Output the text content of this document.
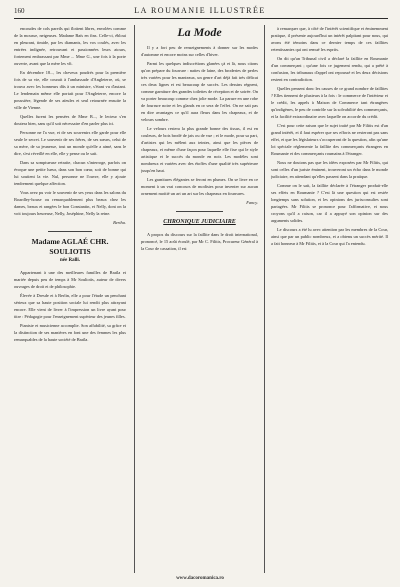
160	LA ROUMANIE ILLUSTRÉE

encoudes de cols pareils qui flottent libres, envolées comme de la mousse, neigeuses. Madame Baïs en fins. Celle-ci, ébloui en pleurant, timide, par les diamants, les vos coulés, avec les entrées indignée, retrouvant et passionnées leurs atours, fortement embrassant par Mme ... Mme G., une fois à la porte ouverte, avant que la mère les vît.

En décembre 18..., les cheveux poudrés pour la première fois de sa vie, elle courait à l'ambassade d'Angleterre, où, se trouva avec les honneurs dûs à un ministre, s'étant vu d'autant. Le lendemain même elle portait pour l'Angleterre, encore la poussière, légende de ses aïeules et seul retournée ensuite la ville de Vienne.

Quelles furent les pensées de Mme B..., le lecteur s'en doutera bien, sans qu'il soit nécessaire d'en parler plus ici.

Personne ne l'a vue, et de ses souvenirs elle garde pour elle seule le secret. Le souvenir de ses frêres, de ses sœurs, celui de sa mère, de sa jeunesse, tout un monde qu'elle a aimé, sans le dire, s'est réveillé en elle, elle y pense ou le sait.

Dans sa somptueuse retraite, chacun s'interroge, parfois on évoque une petite lueur, dans son bon cœur, soit de bonne qui lui soutient la vie. Nul, personne ne l'ouvre, elle y ajoute tendrement quelque affection.

Vous avez pu voir le souvenir de ses yeux dans les salons du Boardley-house ou remarquablement plus beaux chez les dames, beaux et rangées le bon Constantin, et Nelly, dont on la voit toujours heureuse, Nelly, Joséphine, Nelly la reine.

Bertha.
Madame AGLAÉ CHR. SOULIOTIS
née Ralli.

Appartenant à une des meilleures familles de Braïla et mariée depuis peu de temps à Mr Souliotis, auteur de divers ouvrages de droit et de philosophie.

Élevée à Dresde et à Berlin, elle a pour l'étude un penchant sérieux que sa haute position sociale lui rendit plus attrayant encore. Elle vient de livrer à l'impression un livre ayant pour titre : Pédagogie pour l'enseignement supérieur des jeunes filles.

Pianiste et musicienne accomplie. Son affabilité, sa grâce et la distinction de ses manières en font une des femmes les plus remarquables de la haute société de Braïla.

La Mode

Il y a fort peu de renseignements à donner sur les modes d'automne et encore moins sur celles d'hiver.

Parmi les quelques indiscrétions glanées çà et là, nous citons qu'on prépare du fourrure : nattes de laine, des broderies de perles très variées pour les manteaux, un genre d'art déjà fait très délicat ces deux lignes et est beaucoup de succès. Les dessins régnent, comme garniture des grandes toilettes de réception et de soirée. On va porter beaucoup comme chez jolie mode. La parure en une robe de fourrure noire et les glands en or sera de l'effet. On ne sait pas en dire avantages ce qu'il aura fleurs dans les chapeaux, et de velours sombre.

Le velours restera la plus grande bonne des tissus, il est en couleurs, de bois brodé de jais ou de vue ; et le mode, pour sa part, d'artistes qui les mêlent aux teintes, ainsi que les pièces de chapeaux, et même d'une façon pour laquelle elle fixe qui le style artistique et le succès du monde en noir. Les modèles sont nombreux et variées avec des étoffes d'une qualité très supérieure jusqu'en haut.

Les garnitures élégantes se feront en plumes. On se livre en ce moment à un vrai concours de modistes pour inventer sur aucun ornement moitié un art un art sur les chapeaux en fourrures.

Fancy.
CHRONIQUE JUDICIAIRE

A propos du discours sur la faillite dans le droit international, prononcé, le 15 août écoulé, par Mr C. Filitis, Procureur Général à la Cour de cassation, il est

à remarquer que, à côté de l'intérêt scientifique et éminemment pratique, il présente aujourd'hui un intérêt palpitant pour nous, qui avons été témoins dans ce dernier temps de ces faillites retentissantes qui ont remué les esprits.

On dit qu'un Tribunal civil a déclaré la faillite en Roumanie d'un commerçant ; qu'une fois ce jugement rendu, qui a prêté à confusion, les tribunaux d'appel ont repoussé et les deux décisions restent en contradiction.

Quelles pensent donc les causes de ce grand nombre de faillites ? Elles tiennent de plusieurs à la fois : le commerce de l'intérieur et le crédit, les appels à Maison de Commerce tant étrangères qu'indigènes, le peu de contrôle sur la solvabilité des commerçants, et la facilité extraordinaire avec laquelle on accorde du crédit.

C'est pour cette raison que le sujet traité par Mr Filitis est d'un grand intérêt, et il faut espérer que ses efforts ne resteront pas sans effet, et que les législateurs s'occuperont de la question, afin qu'une loi spéciale réglemente la faillite des commerçants étrangers en Roumanie et des commerçants roumains à l'étranger.

Nous ne doutons pas que les idées exposées par Mr Filitis, qui sont celles d'un juriste éminent, trouveront un écho dans le monde judiciaire, en attendant qu'elles passent dans la pratique.

Comme on le sait, la faillite déclarée à l'étranger produit-elle ses effets en Roumanie ? C'est là une question qui est restée longtemps sans solution, et les opinions des jurisconsultes sont partagées. Mr Filitis se prononce pour l'affirmative, et nous croyons qu'il a raison, car il a appuyé son opinion sur des arguments solides.

Le discours a été lu avec attention par les membres de la Cour, ainsi que par un public nombreux, et a obtenu un succès mérité. Il a fait honneur à Mr Filitis, et à la Cour qui l'a entendu.

www.dacoromanica.ro
